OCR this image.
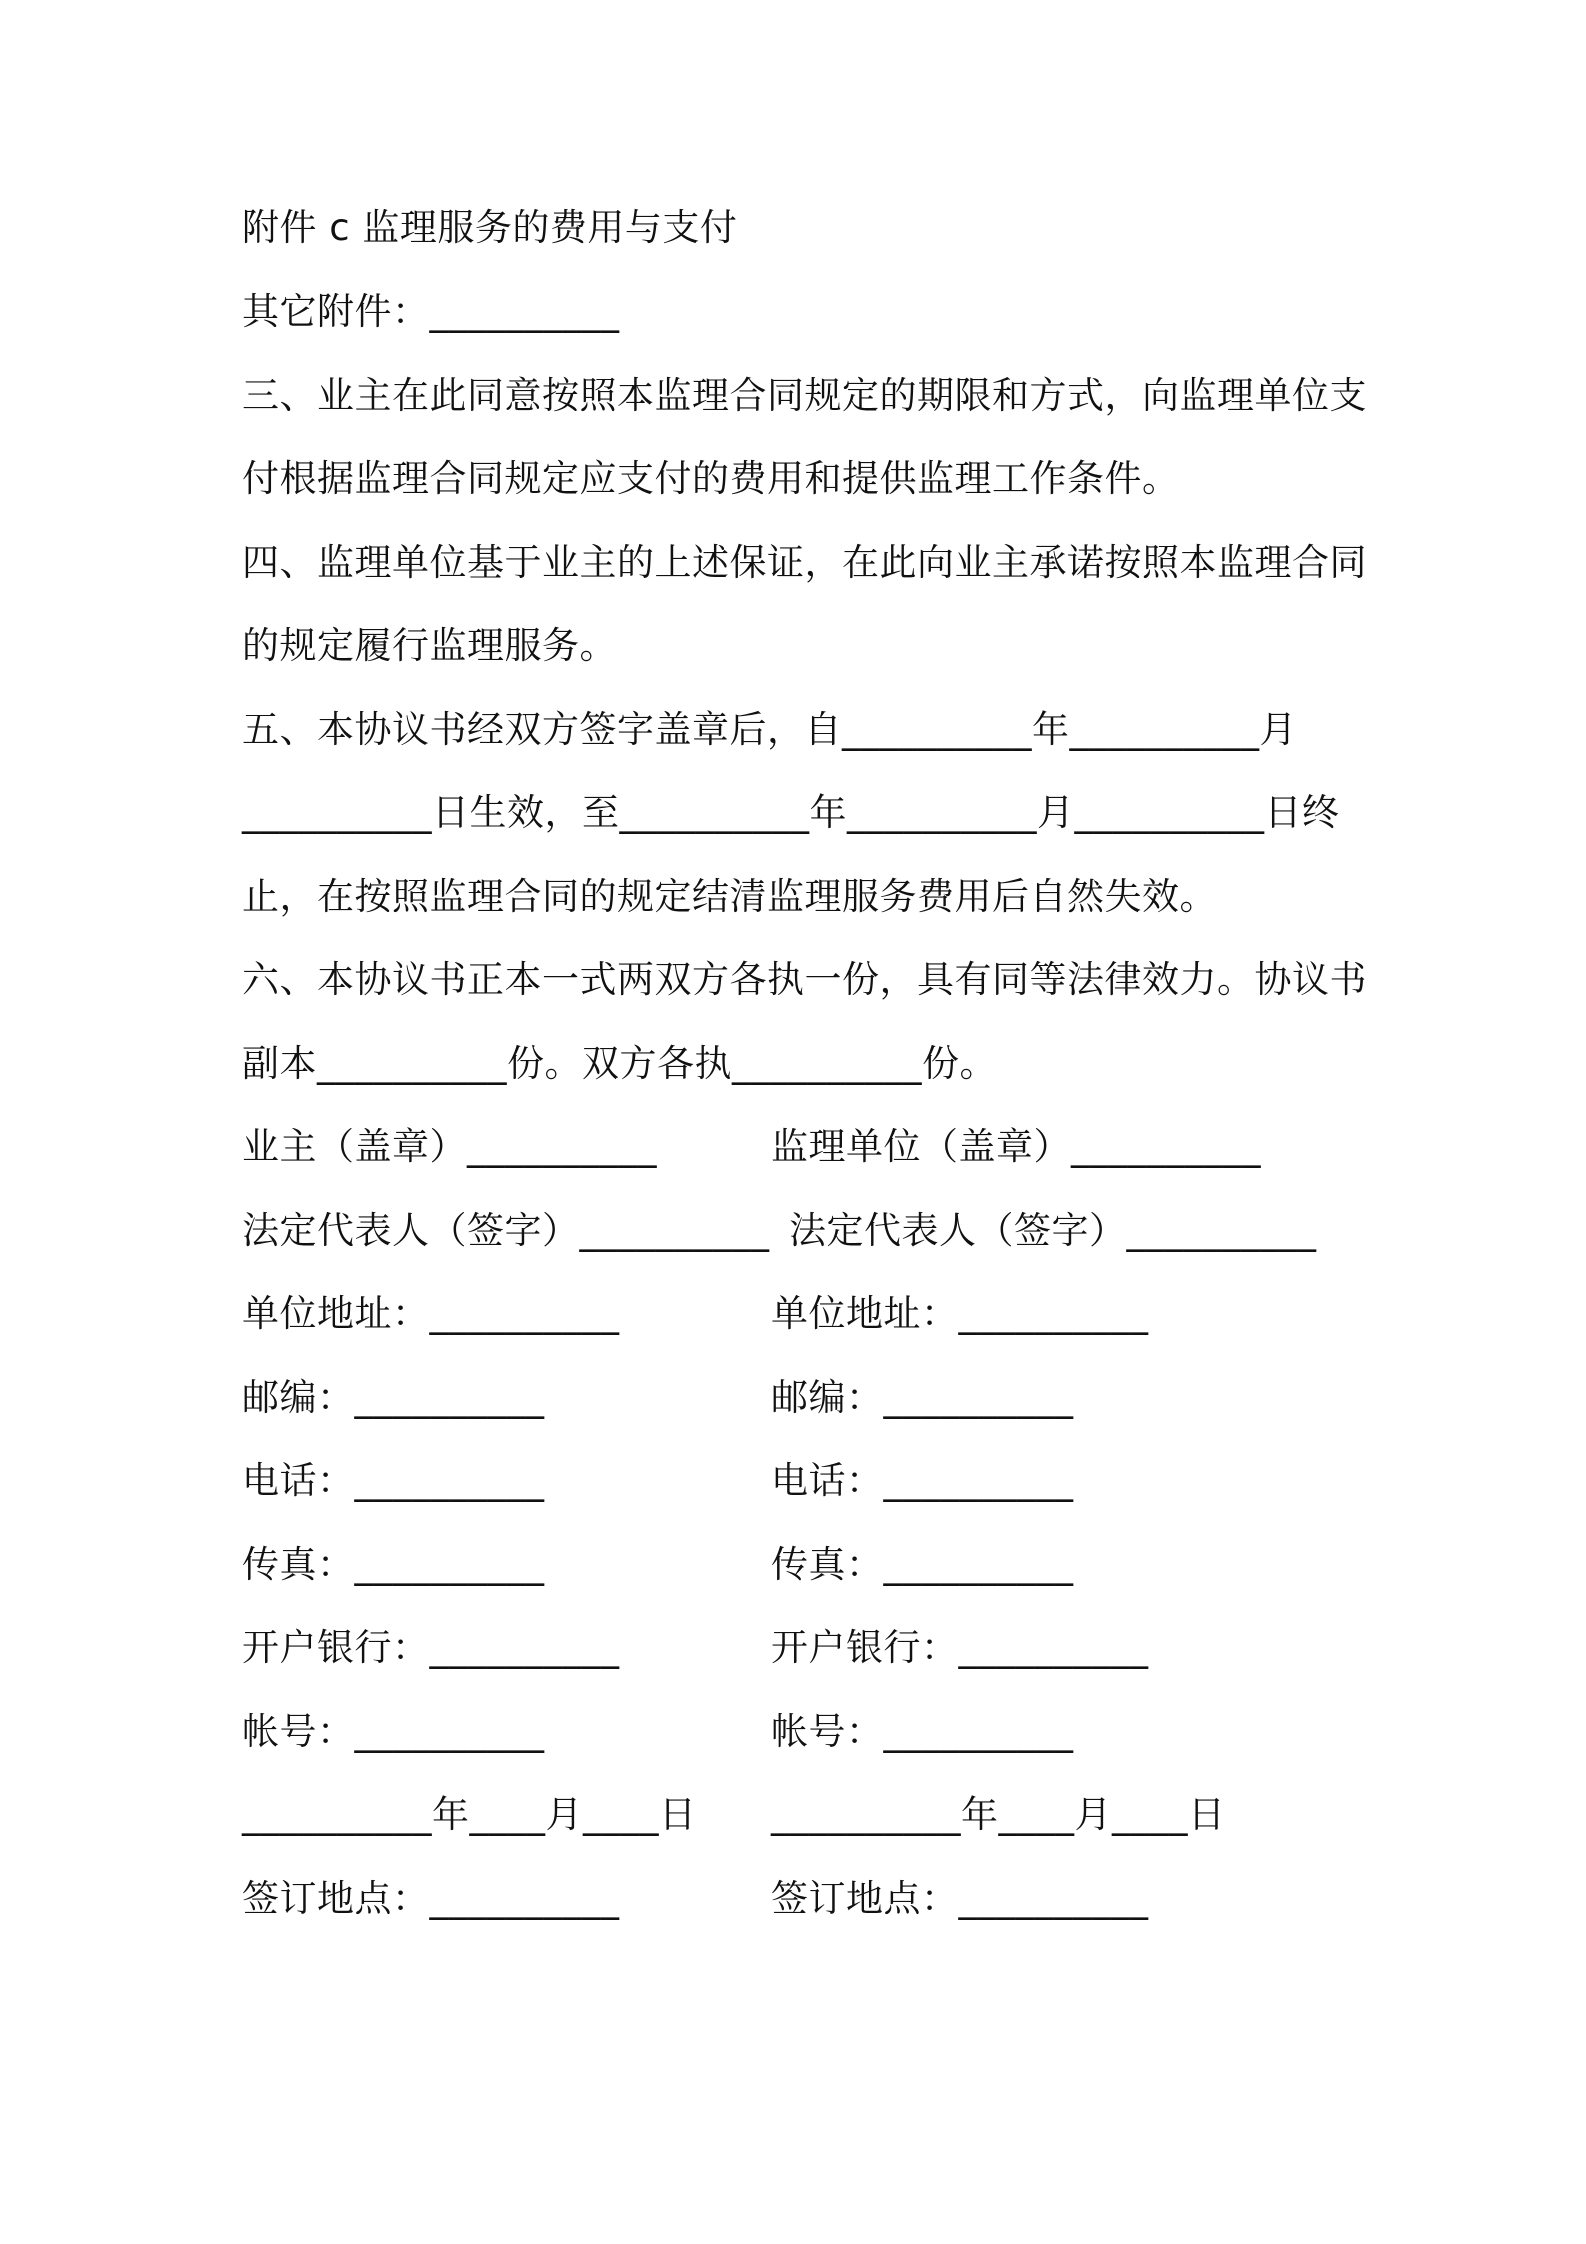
附件 c 监理服务的费用与支付
其它附件：__________
三、业主在此同意按照本监理合同规定的期限和方式，向监理单位支
付根据监理合同规定应支付的费用和提供监理工作条件。
四、监理单位基于业主的上述保证，在此向业主承诺按照本监理合同
的规定履行监理服务。
五、本协议书经双方签字盖章后，自__________年__________月
__________日生效，至__________年__________月__________日终
止，在按照监理合同的规定结清监理服务费用后自然失效。
六、本协议书正本一式两双方各执一份，具有同等法律效力。协议书
副本__________份。双方各执__________份。
业主（盖章）__________
法定代表人（签字）__________
单位地址：__________
邮编：__________
电话：__________
传真：__________
开户银行：__________
帐号：__________
__________年____月____日
签订地点：__________
监理单位（盖章）__________
法定代表人（签字）__________
单位地址：__________
邮编：__________
电话：__________
传真：__________
开户银行：__________
帐号：__________
__________年____月____日
签订地点：__________
